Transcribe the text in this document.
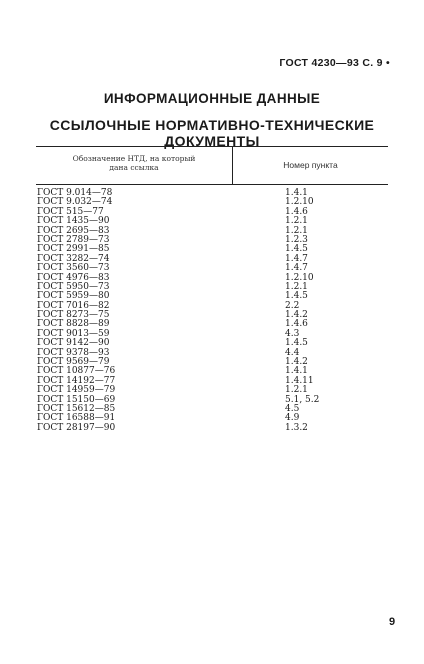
ГОСТ 4230—93 С. 9 •
ИНФОРМАЦИОННЫЕ ДАННЫЕ
ССЫЛОЧНЫЕ НОРМАТИВНО-ТЕХНИЧЕСКИЕ ДОКУМЕНТЫ
Обозначение НТД, на который
дана ссылка	Номер пункта
ГОСТ 9.014—78	1.4.1
ГОСТ 9.032—74	1.2.10
ГОСТ 515—77	1.4.6
ГОСТ 1435—90	1.2.1
ГОСТ 2695—83	1.2.1
ГОСТ 2789—73	1.2.3
ГОСТ 2991—85	1.4.5
ГОСТ 3282—74	1.4.7
ГОСТ 3560—73	1.4.7
ГОСТ 4976—83	1.2.10
ГОСТ 5950—73	1.2.1
ГОСТ 5959—80	1.4.5
ГОСТ 7016—82	2.2
ГОСТ 8273—75	1.4.2
ГОСТ 8828—89	1.4.6
ГОСТ 9013—59	4.3
ГОСТ 9142—90	1.4.5
ГОСТ 9378—93	4.4
ГОСТ 9569—79	1.4.2
ГОСТ 10877—76	1.4.1
ГОСТ 14192—77	1.4.11
ГОСТ 14959—79	1.2.1
ГОСТ 15150—69	5.1, 5.2
ГОСТ 15612—85	4.5
ГОСТ 16588—91	4.9
ГОСТ 28197—90	1.3.2
9
